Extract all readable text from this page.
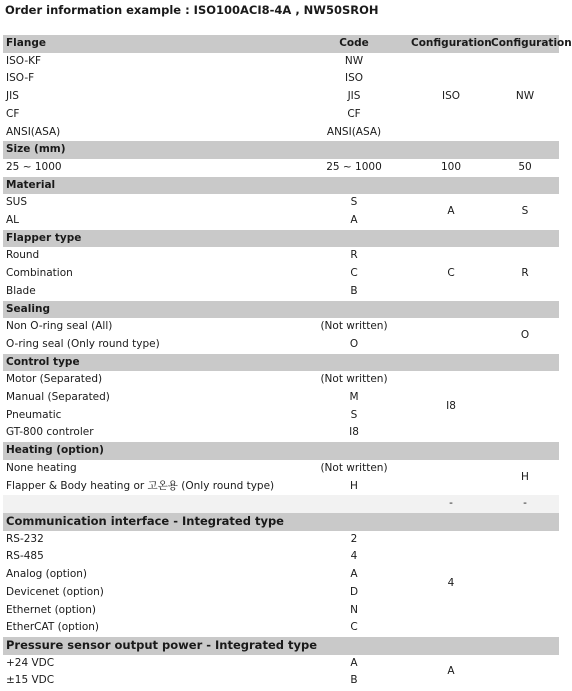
Order information example : ISO100ACI8-4A , NW50SROH
Flange	Code	Configuration	Configuration
ISO-KF	NW	ISO	NW
ISO-F	ISO		
JIS	JIS		
CF	CF		
ANSI(ASA)	ANSI(ASA)		
Size (mm)			
25 ~ 1000	25 ~ 1000	100	50
Material			
SUS	S	A	S
AL	A		
Flapper type			
Round	R	C	R
Combination	C		
Blade	B		
Sealing			
Non O-ring seal (All)	(Not written)		O
O-ring seal (Only round type)	O		
Control type			
Motor (Separated)	(Not written)	I8	
Manual (Separated)	M		
Pneumatic	S		
GT-800 controler	I8		
Heating (option)			
None heating	(Not written)		H
Flapper & Body heating or 고온용 (Only round type)	H		
		-	-
Communication interface - Integrated type			
RS-232	2	4	
RS-485	4		
Analog (option)	A		
Devicenet (option)	D		
Ethernet (option)	N		
EtherCAT (option)	C		
Pressure sensor output power - Integrated type			
+24 VDC	A	A	
±15 VDC	B		
